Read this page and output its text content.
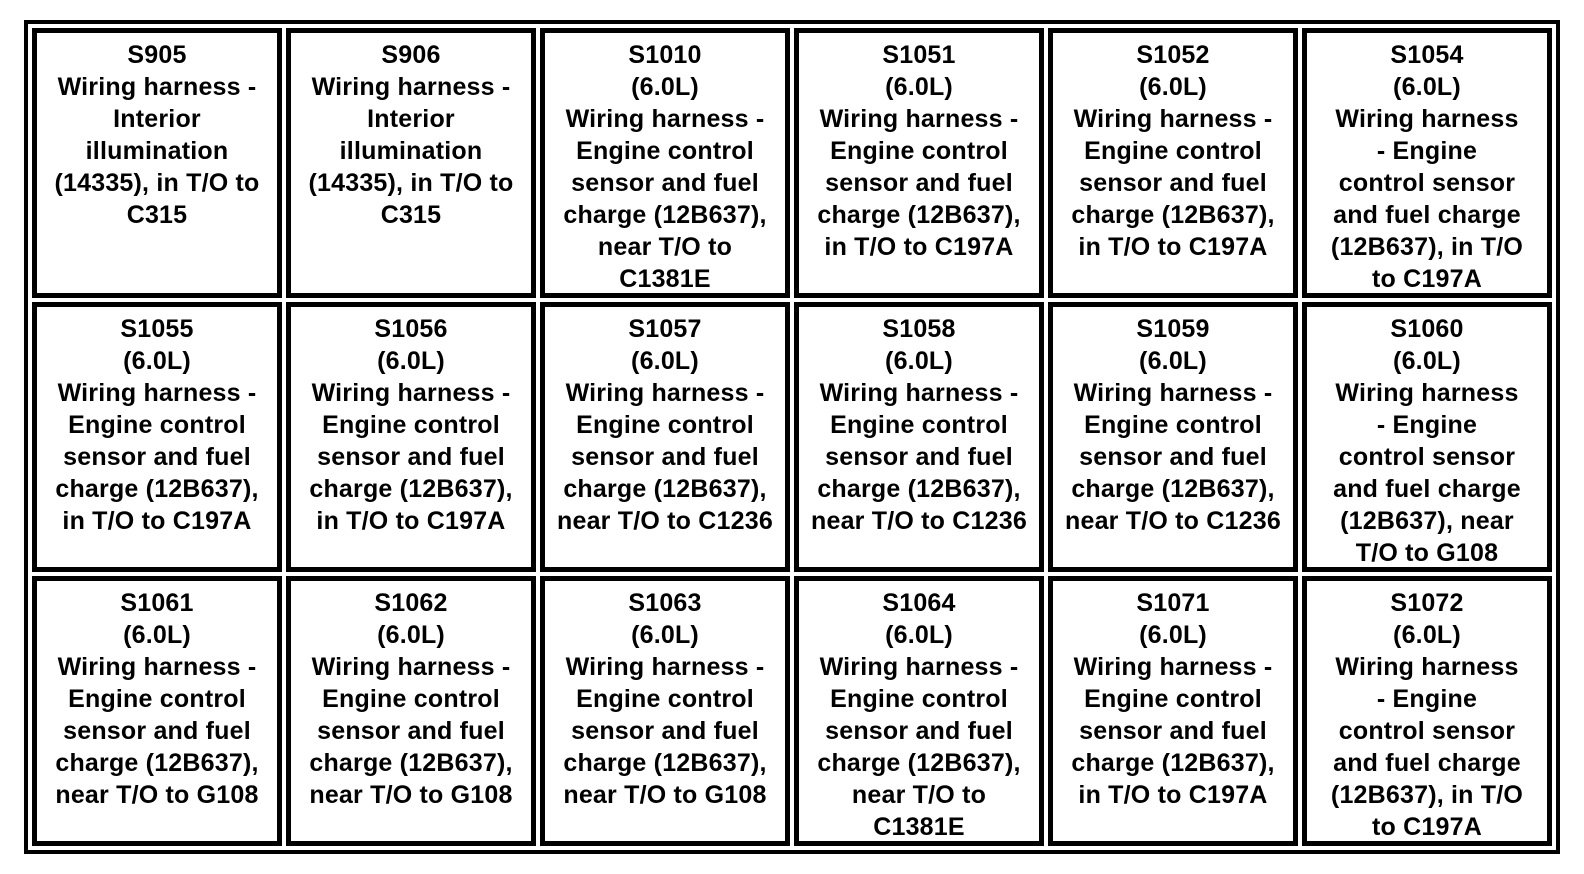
S905
Wiring harness -
Interior
illumination
(14335), in T/O to
C315
S906
Wiring harness -
Interior
illumination
(14335), in T/O to
C315
S1010
(6.0L)
Wiring harness -
Engine control
sensor and fuel
charge (12B637),
near T/O to
C1381E
S1051
(6.0L)
Wiring harness -
Engine control
sensor and fuel
charge (12B637),
in T/O to C197A
S1052
(6.0L)
Wiring harness -
Engine control
sensor and fuel
charge (12B637),
in T/O to C197A
S1054
(6.0L)
Wiring harness
- Engine
control sensor
and fuel charge
(12B637), in T/O
to C197A
S1055
(6.0L)
Wiring harness -
Engine control
sensor and fuel
charge (12B637),
in T/O to C197A
S1056
(6.0L)
Wiring harness -
Engine control
sensor and fuel
charge (12B637),
in T/O to C197A
S1057
(6.0L)
Wiring harness -
Engine control
sensor and fuel
charge (12B637),
near T/O to C1236
S1058
(6.0L)
Wiring harness -
Engine control
sensor and fuel
charge (12B637),
near T/O to C1236
S1059
(6.0L)
Wiring harness -
Engine control
sensor and fuel
charge (12B637),
near T/O to C1236
S1060
(6.0L)
Wiring harness
- Engine
control sensor
and fuel charge
(12B637), near
T/O to G108
S1061
(6.0L)
Wiring harness -
Engine control
sensor and fuel
charge (12B637),
near T/O to G108
S1062
(6.0L)
Wiring harness -
Engine control
sensor and fuel
charge (12B637),
near T/O to G108
S1063
(6.0L)
Wiring harness -
Engine control
sensor and fuel
charge (12B637),
near T/O to G108
S1064
(6.0L)
Wiring harness -
Engine control
sensor and fuel
charge (12B637),
near T/O to
C1381E
S1071
(6.0L)
Wiring harness -
Engine control
sensor and fuel
charge (12B637),
in T/O to C197A
S1072
(6.0L)
Wiring harness
- Engine
control sensor
and fuel charge
(12B637), in T/O
to C197A
